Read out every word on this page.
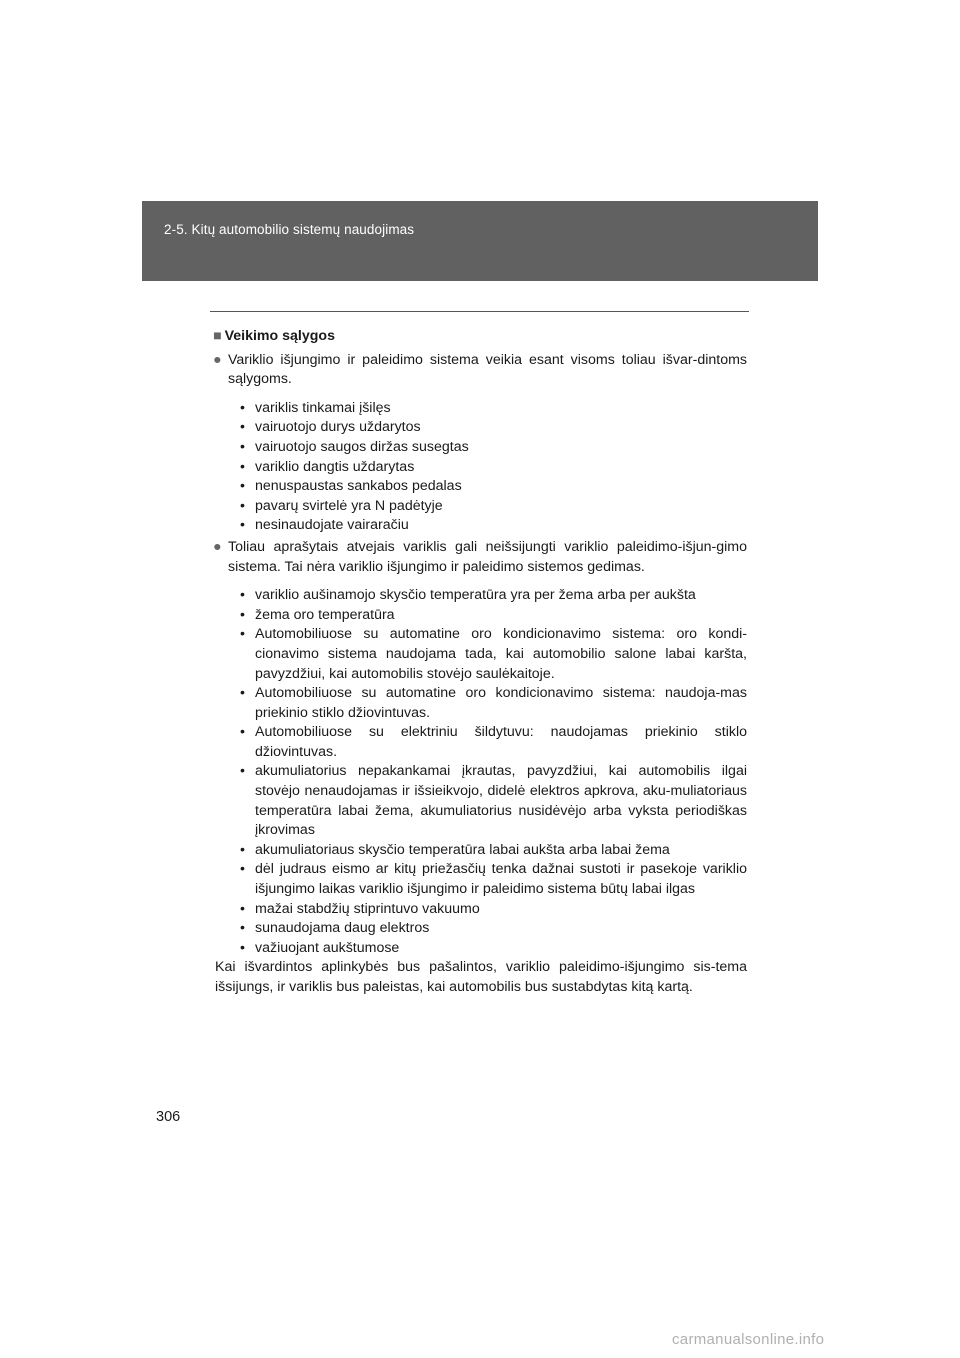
2-5. Kitų automobilio sistemų naudojimas
■ Veikimo sąlygos
● Variklio išjungimo ir paleidimo sistema veikia esant visoms toliau išvar-dintoms sąlygoms.
• variklis tinkamai įšilęs
• vairuotojo durys uždarytos
• vairuotojo saugos diržas susegtas
• variklio dangtis uždarytas
• nenuspaustas sankabos pedalas
• pavarų svirtelė yra N padėtyje
• nesinaudojate vairaračiu
● Toliau aprašytais atvejais variklis gali neišsijungti variklio paleidimo-išjun-gimo sistema. Tai nėra variklio išjungimo ir paleidimo sistemos gedimas.
• variklio aušinamojo skysčio temperatūra yra per žema arba per aukšta
• žema oro temperatūra
• Automobiliuose su automatine oro kondicionavimo sistema: oro kondi-cionavimo sistema naudojama tada, kai automobilio salone labai karšta, pavyzdžiui, kai automobilis stovėjo saulėkaitoje.
• Automobiliuose su automatine oro kondicionavimo sistema: naudoja-mas priekinio stiklo džiovintuvas.
• Automobiliuose su elektriniu šildytuvu: naudojamas priekinio stiklo džiovintuvas.
• akumuliatorius nepakankamai įkrautas, pavyzdžiui, kai automobilis ilgai stovėjo nenaudojamas ir išsieikvojo, didelė elektros apkrova, aku-muliatoriaus temperatūra labai žema, akumuliatorius nusidėvėjo arba vyksta periodiškas įkrovimas
• akumuliatoriaus skysčio temperatūra labai aukšta arba labai žema
• dėl judraus eismo ar kitų priežasčių tenka dažnai sustoti ir pasekoje variklio išjungimo laikas variklio išjungimo ir paleidimo sistema būtų labai ilgas
• mažai stabdžių stiprintuvo vakuumo
• sunaudojama daug elektros
• važiuojant aukštumose
Kai išvardintos aplinkybės bus pašalintos, variklio paleidimo-išjungimo sis-tema išsijungs, ir variklis bus paleistas, kai automobilis bus sustabdytas kitą kartą.
306
carmanualsonline.info
